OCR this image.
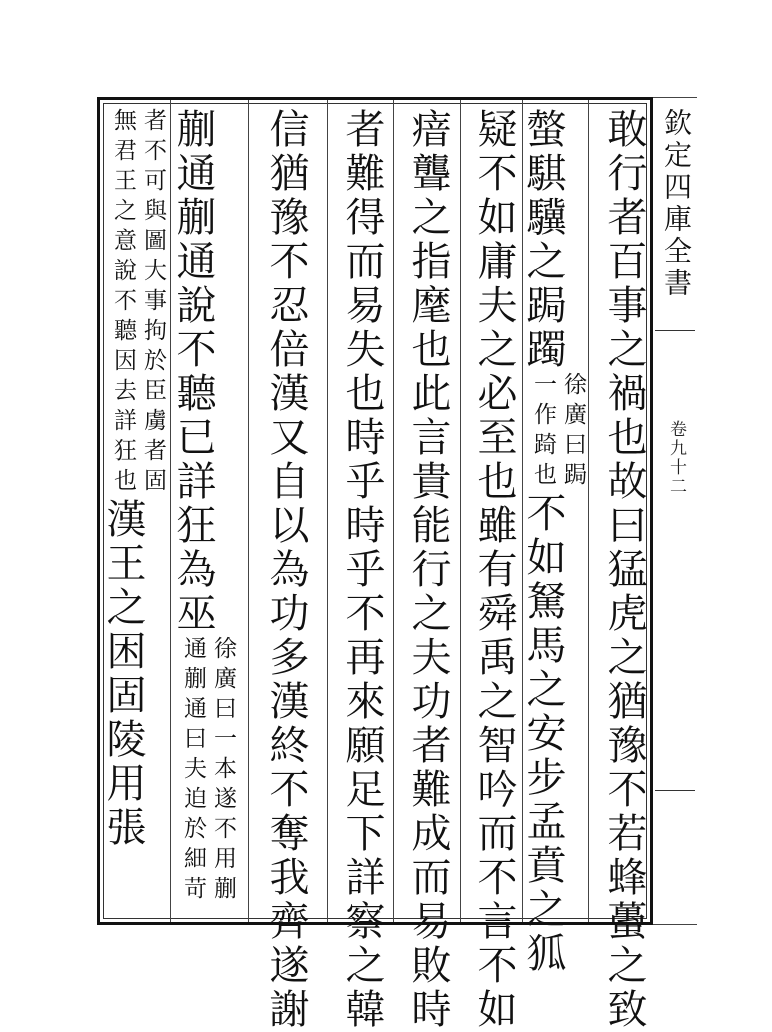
欽定四庫全書
卷九十二
敢行者百事之禍也故曰猛虎之猶豫不若蜂蠆之致
螫騏驥之跼躅
徐廣曰跼
一作踦也
不如駑馬之安步孟賁之狐
疑不如庸夫之必至也雖有舜禹之智吟而不言不如
瘖聾之指麾也此言貴能行之夫功者難成而易敗時
者難得而易失也時乎時乎不再來願足下詳察之韓
信猶豫不忍倍漢又自以為功多漢終不奪我齊遂謝
蒯通蒯通說不聽已詳狂為巫
徐廣曰一本遂不用蒯
通蒯通曰夫迫於細苛
者不可與圖大事拘於臣虜者固
無君王之意說不聽因去詳狂也
漢王之困固陵用張
